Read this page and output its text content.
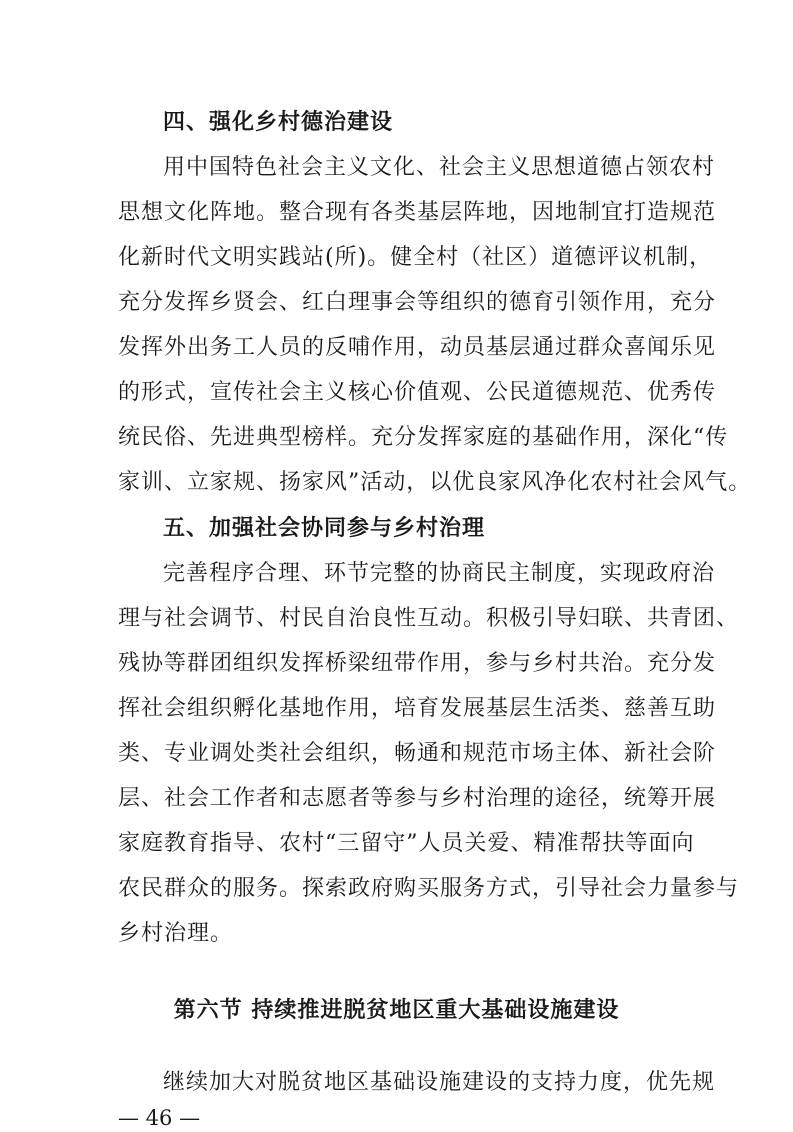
四、强化乡村德治建设
用中国特色社会主义文化、社会主义思想道德占领农村
思想文化阵地。整合现有各类基层阵地，因地制宜打造规范
化新时代文明实践站(所)。健全村（社区）道德评议机制，
充分发挥乡贤会、红白理事会等组织的德育引领作用，充分
发挥外出务工人员的反哺作用，动员基层通过群众喜闻乐见
的形式，宣传社会主义核心价值观、公民道德规范、优秀传
统民俗、先进典型榜样。充分发挥家庭的基础作用，深化“传
家训、立家规、扬家风”活动，以优良家风净化农村社会风气。
五、加强社会协同参与乡村治理
完善程序合理、环节完整的协商民主制度，实现政府治
理与社会调节、村民自治良性互动。积极引导妇联、共青团、
残协等群团组织发挥桥梁纽带作用，参与乡村共治。充分发
挥社会组织孵化基地作用，培育发展基层生活类、慈善互助
类、专业调处类社会组织，畅通和规范市场主体、新社会阶
层、社会工作者和志愿者等参与乡村治理的途径，统筹开展
家庭教育指导、农村“三留守”人员关爱、精准帮扶等面向
农民群众的服务。探索政府购买服务方式，引导社会力量参与
乡村治理。
第六节 持续推进脱贫地区重大基础设施建设
继续加大对脱贫地区基础设施建设的支持力度，优先规
— 46 —
